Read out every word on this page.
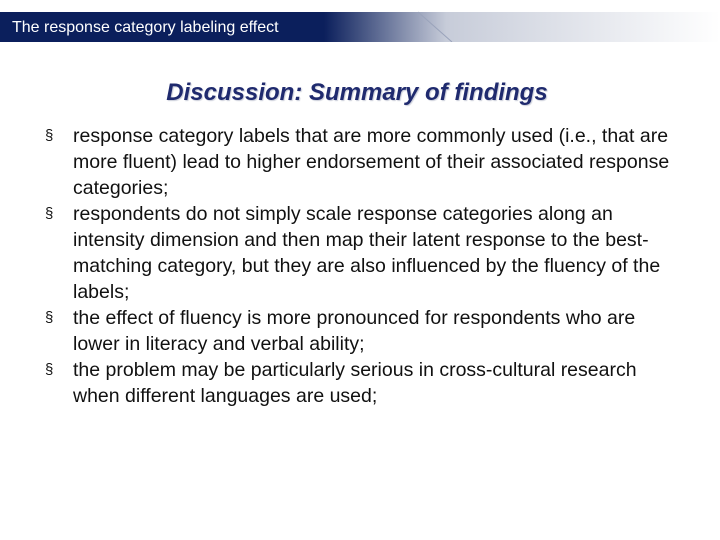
The response category labeling effect
Discussion: Summary of findings
§	response category labels that are more commonly used (i.e., that are more fluent) lead to higher endorsement of their associated response categories;
§	respondents do not simply scale response categories along an intensity dimension and then map their latent response to the best-matching category, but they are also influenced by the fluency of the labels;
§	the effect of fluency is more pronounced for respondents who are lower in literacy and verbal ability;
§	the problem may be particularly serious in cross-cultural research when different languages are used;
